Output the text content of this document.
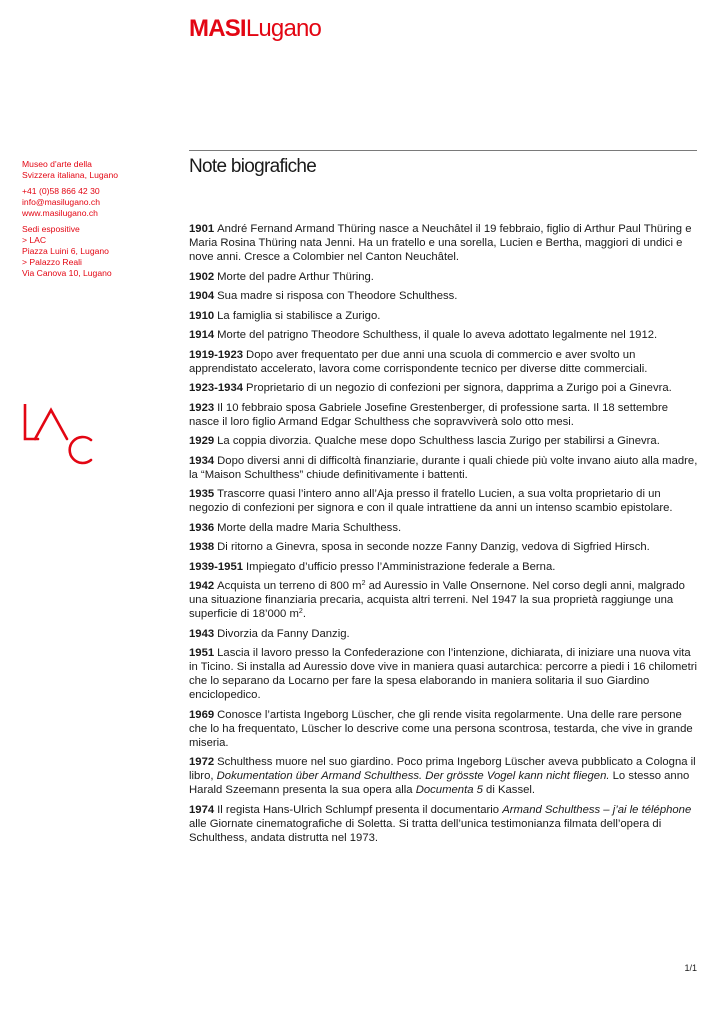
MASILugano
Museo d'arte della
Svizzera italiana, Lugano
+41 (0)58 866 42 30
info@masilugano.ch
www.masilugano.ch
Sedi espositive
> LAC
Piazza Luini 6, Lugano
> Palazzo Reali
Via Canova 10, Lugano
Note biografiche

1901 André Fernand Armand Thüring nasce a Neuchâtel il 19 febbraio, figlio di Arthur Paul Thüring e Maria Rosina Thüring nata Jenni. Ha un fratello e una sorella, Lucien e Bertha, maggiori di undici e nove anni. Cresce a Colombier nel Canton Neuchâtel.

1902 Morte del padre Arthur Thüring.

1904 Sua madre si risposa con Theodore Schulthess.

1910 La famiglia si stabilisce a Zurigo.

1914 Morte del patrigno Theodore Schulthess, il quale lo aveva adottato legalmente nel 1912.

1919-1923 Dopo aver frequentato per due anni una scuola di commercio e aver svolto un apprendistato accelerato, lavora come corrispondente tecnico per diverse ditte commerciali.

1923-1934 Proprietario di un negozio di confezioni per signora, dapprima a Zurigo poi a Ginevra.

1923 Il 10 febbraio sposa Gabriele Josefine Grestenberger, di professione sarta. Il 18 settembre nasce il loro figlio Armand Edgar Schulthess che sopravviverà solo otto mesi.

1929 La coppia divorzia. Qualche mese dopo Schulthess lascia Zurigo per stabilirsi a Ginevra.

1934 Dopo diversi anni di difficoltà finanziarie, durante i quali chiede più volte invano aiuto alla madre, la “Maison Schulthess” chiude definitivamente i battenti.

1935 Trascorre quasi l’intero anno all’Aja presso il fratello Lucien, a sua volta proprietario di un negozio di confezioni per signora e con il quale intrattiene da anni un intenso scambio epistolare.

1936 Morte della madre Maria Schulthess.

1938 Di ritorno a Ginevra, sposa in seconde nozze Fanny Danzig, vedova di Sigfried Hirsch.

1939-1951 Impiegato d’ufficio presso l’Amministrazione federale a Berna.

1942 Acquista un terreno di 800 $m^2$ ad Auressio in Valle Onsernone. Nel corso degli anni, malgrado una situazione finanziaria precaria, acquista altri terreni. Nel 1947 la sua proprietà raggiunge una superficie di 18’000 $m^2$.

1943 Divorzia da Fanny Danzig.

1951 Lascia il lavoro presso la Confederazione con l’intenzione, dichiarata, di iniziare una nuova vita in Ticino. Si installa ad Auressio dove vive in maniera quasi autarchica: percorre a piedi i 16 chilometri che lo separano da Locarno per fare la spesa elaborando in maniera solitaria il suo Giardino enciclopedico.

1969 Conosce l’artista Ingeborg Lüscher, che gli rende visita regolarmente. Una delle rare persone che lo ha frequentato, Lüscher lo descrive come una persona scontrosa, testarda, che vive in grande miseria.

1972 Schulthess muore nel suo giardino. Poco prima Ingeborg Lüscher aveva pubblicato a Cologna il libro, Dokumentation über Armand Schulthess. Der grösste Vogel kann nicht fliegen. Lo stesso anno Harald Szeemann presenta la sua opera alla Documenta 5 di Kassel.

1974 Il regista Hans-Ulrich Schlumpf presenta il documentario Armand Schulthess – j’ai le téléphone alle Giornate cinematografiche di Soletta. Si tratta dell’unica testimonianza filmata dell’opera di Schulthess, andata distrutta nel 1973.

1/1
